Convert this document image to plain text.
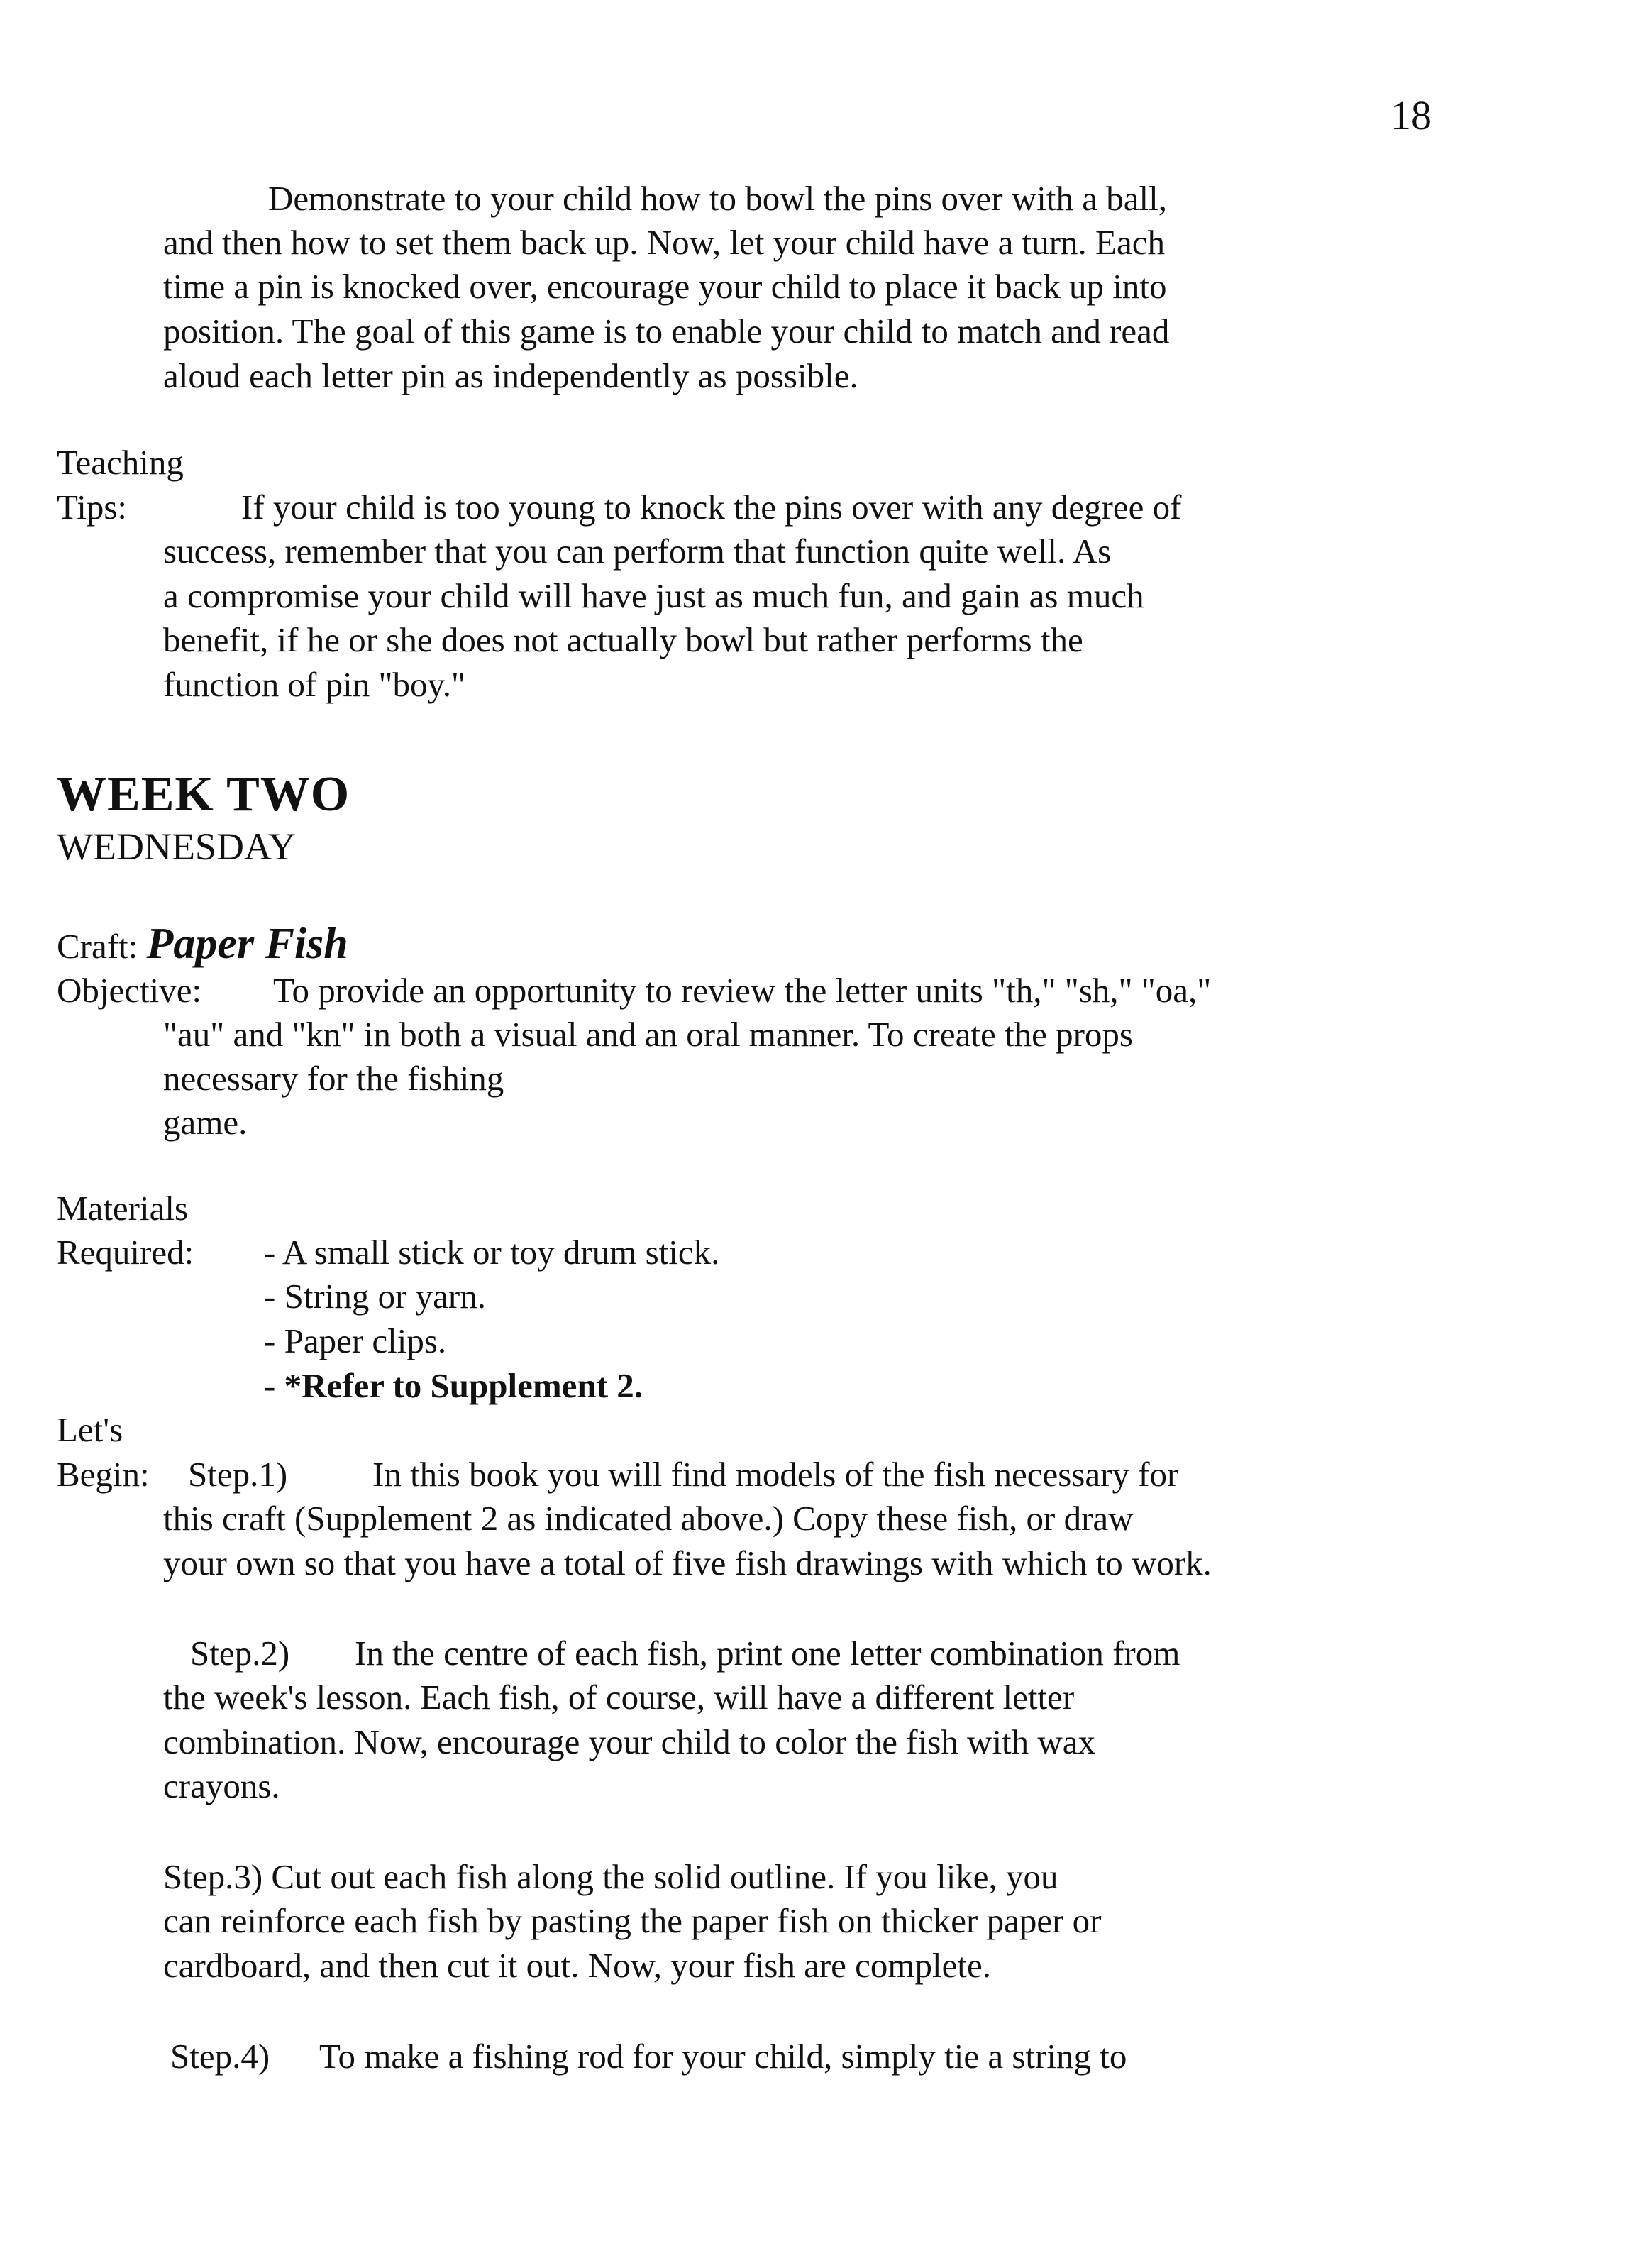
18
Demonstrate to your child how to bowl the pins over with a ball,
and then how to set them back up. Now, let your child have a turn. Each
time a pin is knocked over, encourage your child to place it back up into
position. The goal of this game is to enable your child to match and read
aloud each letter pin as independently as possible.
Teaching
Tips:	If your child is too young to knock the pins over with any degree of
success, remember that you can perform that function quite well. As
a compromise your child will have just as much fun, and gain as much
benefit, if he or she does not actually bowl but rather performs the
function of pin "boy."
WEEK TWO
WEDNESDAY
Craft: Paper Fish
Objective: To provide an opportunity to review the letter units "th," "sh," "oa,"
"au" and "kn" in both a visual and an oral manner. To create the props
necessary for the fishing
game.
Materials
Required: - A small stick or toy drum stick.
- String or yarn.
- Paper clips.
- *Refer to Supplement 2.
Let's
Begin: Step.1) In this book you will find models of the fish necessary for
this craft (Supplement 2 as indicated above.) Copy these fish, or draw
your own so that you have a total of five fish drawings with which to work.
Step.2) In the centre of each fish, print one letter combination from
the week's lesson. Each fish, of course, will have a different letter
combination. Now, encourage your child to color the fish with wax
crayons.
Step.3) Cut out each fish along the solid outline. If you like, you
can reinforce each fish by pasting the paper fish on thicker paper or
cardboard, and then cut it out. Now, your fish are complete.
Step.4) To make a fishing rod for your child, simply tie a string to
